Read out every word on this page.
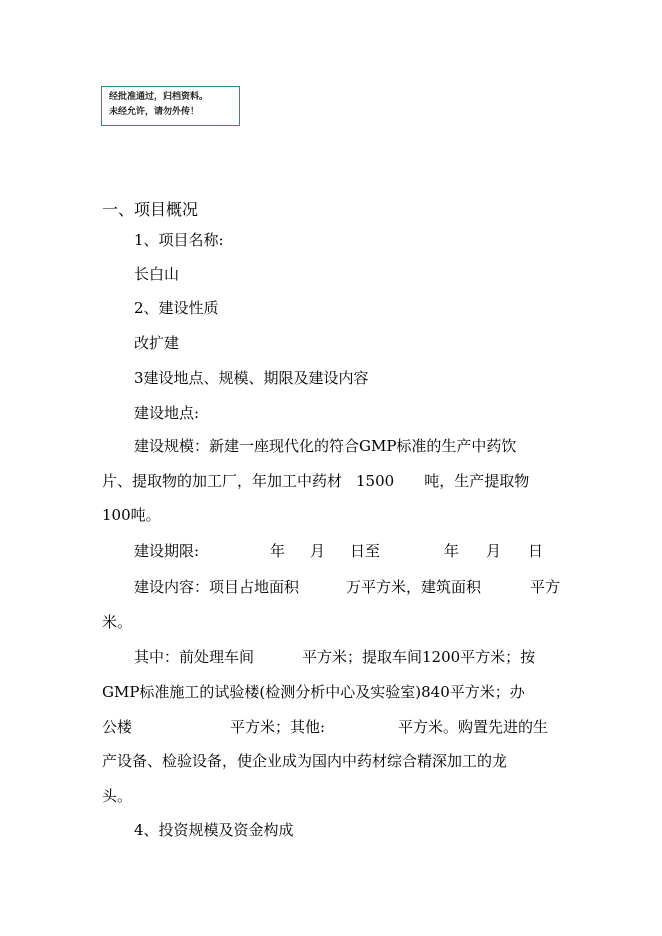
经批准通过，归档资料。
未经允许，请勿外传！
一、项目概况
1、项目名称:
长白山
2、建设性质
改扩建
3建设地点、规模、期限及建设内容
建设地点:
建设规模：新建一座现代化的符合GMP标准的生产中药饮
片、提取物的加工厂，年加工中药材 1500 吨，生产提取物
100吨。
建设期限:	年 月 日至	年 月 日
建设内容：项目占地面积	万平方米，建筑面积	平方
米。
其中：前处理车间	平方米；提取车间1200平方米；按
GMP标准施工的试验楼(检测分析中心及实验室)840平方米；办
公楼	平方米；其他:	平方米。购置先进的生
产设备、检验设备，使企业成为国内中药材综合精深加工的龙
头。
4、投资规模及资金构成
